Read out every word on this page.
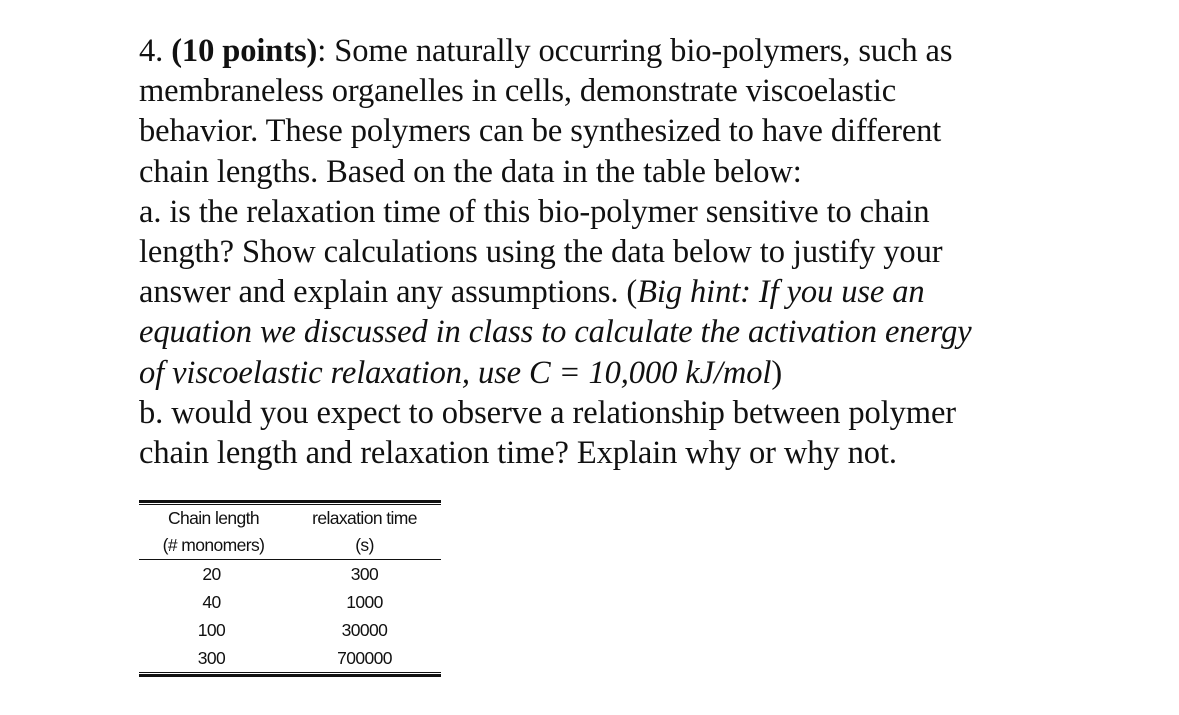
4. (10 points): Some naturally occurring bio-polymers, such as
membraneless organelles in cells, demonstrate viscoelastic
behavior. These polymers can be synthesized to have different
chain lengths. Based on the data in the table below:
a. is the relaxation time of this bio-polymer sensitive to chain
length? Show calculations using the data below to justify your
answer and explain any assumptions. (Big hint: If you use an
equation we discussed in class to calculate the activation energy
of viscoelastic relaxation, use C = 10,000 kJ/mol)
b. would you expect to observe a relationship between polymer
chain length and relaxation time? Explain why or why not.
Chain length	relaxation time
(# monomers)	(s)
20	300
40	1000
100	30000
300	700000
